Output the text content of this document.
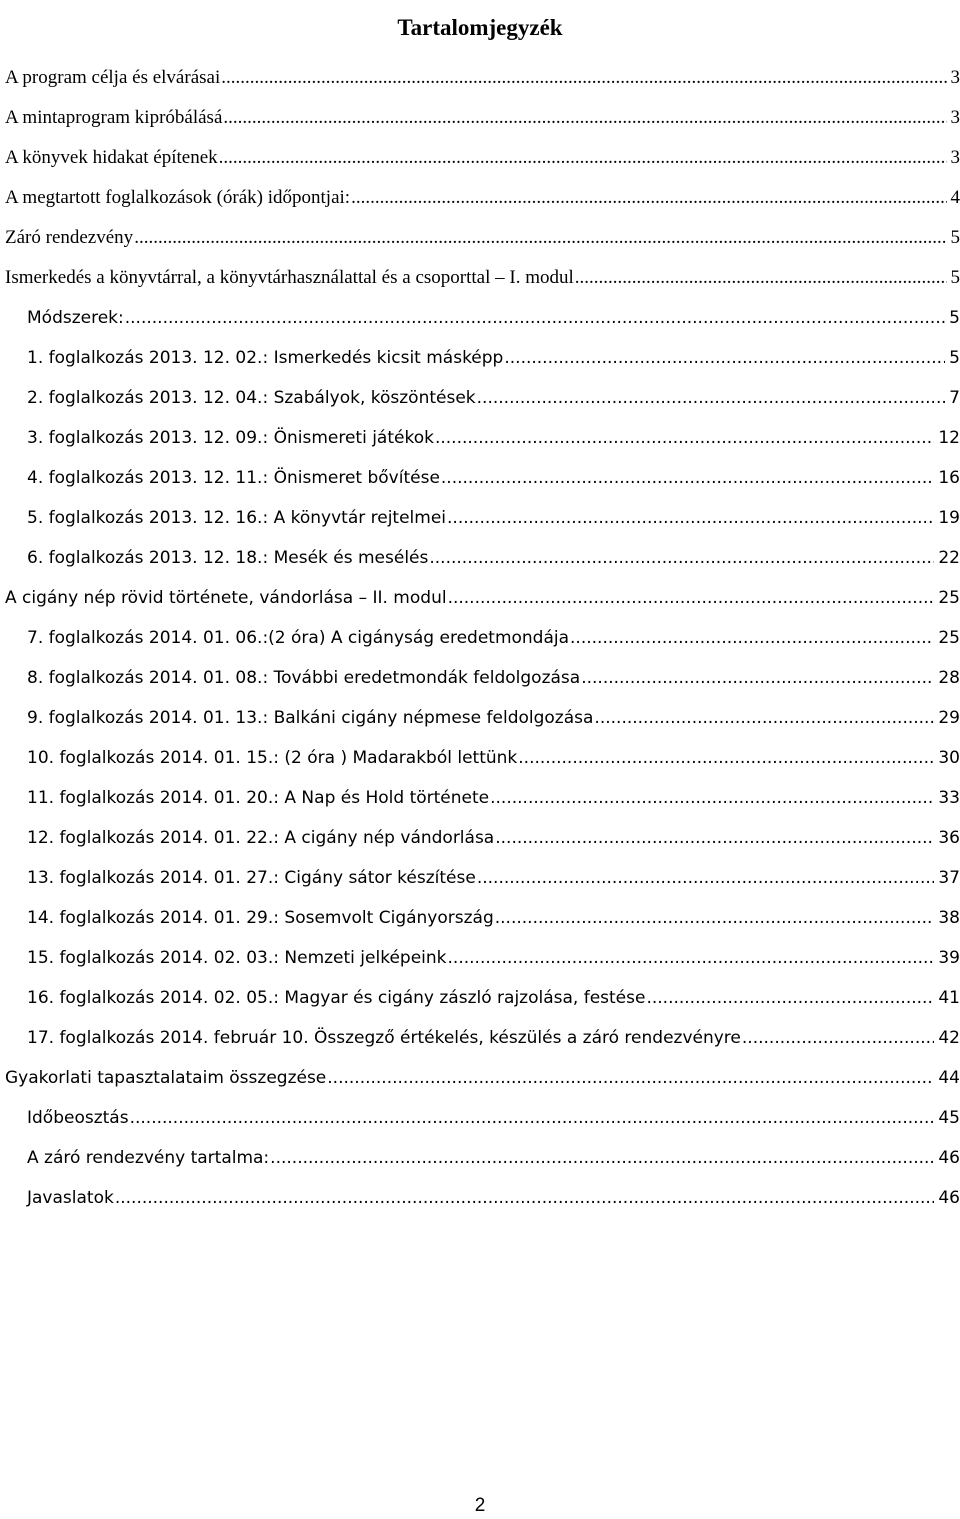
Tartalomjegyzék
A program célja és elvárásai .....	3
A mintaprogram kipróbálásá .....	3
A könyvek hidakat építenek .....	3
A megtartott foglalkozások (órák) időpontjai: .....	4
Záró rendezvény .....	5
Ismerkedés a könyvtárral, a könyvtárhasználattal és a csoporttal – I. modul .....	5
Módszerek: .....	5
1. foglalkozás 2013. 12. 02.: Ismerkedés kicsit másképp .....	5
2. foglalkozás 2013. 12. 04.: Szabályok, köszöntések .....	7
3. foglalkozás 2013. 12. 09.: Önismereti játékok .....	12
4. foglalkozás 2013. 12. 11.: Önismeret bővítése .....	16
5. foglalkozás 2013. 12. 16.: A könyvtár rejtelmei .....	19
6. foglalkozás 2013. 12. 18.: Mesék és mesélés .....	22
A cigány nép rövid története, vándorlása – II. modul .....	25
7. foglalkozás 2014. 01. 06.:(2 óra) A cigányság eredetmondája .....	25
8. foglalkozás 2014. 01. 08.: További eredetmondák feldolgozása .....	28
9. foglalkozás 2014. 01. 13.: Balkáni cigány népmese feldolgozása .....	29
10. foglalkozás 2014. 01. 15.: (2 óra ) Madarakból lettünk .....	30
11. foglalkozás 2014. 01. 20.: A Nap és Hold története .....	33
12. foglalkozás 2014. 01. 22.: A cigány nép vándorlása .....	36
13. foglalkozás 2014. 01. 27.: Cigány sátor készítése .....	37
14. foglalkozás 2014. 01. 29.: Sosemvolt Cigányország .....	38
15. foglalkozás 2014. 02. 03.: Nemzeti jelképeink .....	39
16. foglalkozás 2014. 02. 05.: Magyar és cigány zászló rajzolása, festése .....	41
17. foglalkozás 2014. február 10. Összegző értékelés, készülés a záró rendezvényre .....	42
Gyakorlati tapasztalataim összegzése .....	44
Időbeosztás .....	45
A záró rendezvény tartalma: .....	46
Javaslatok .....	46
2
